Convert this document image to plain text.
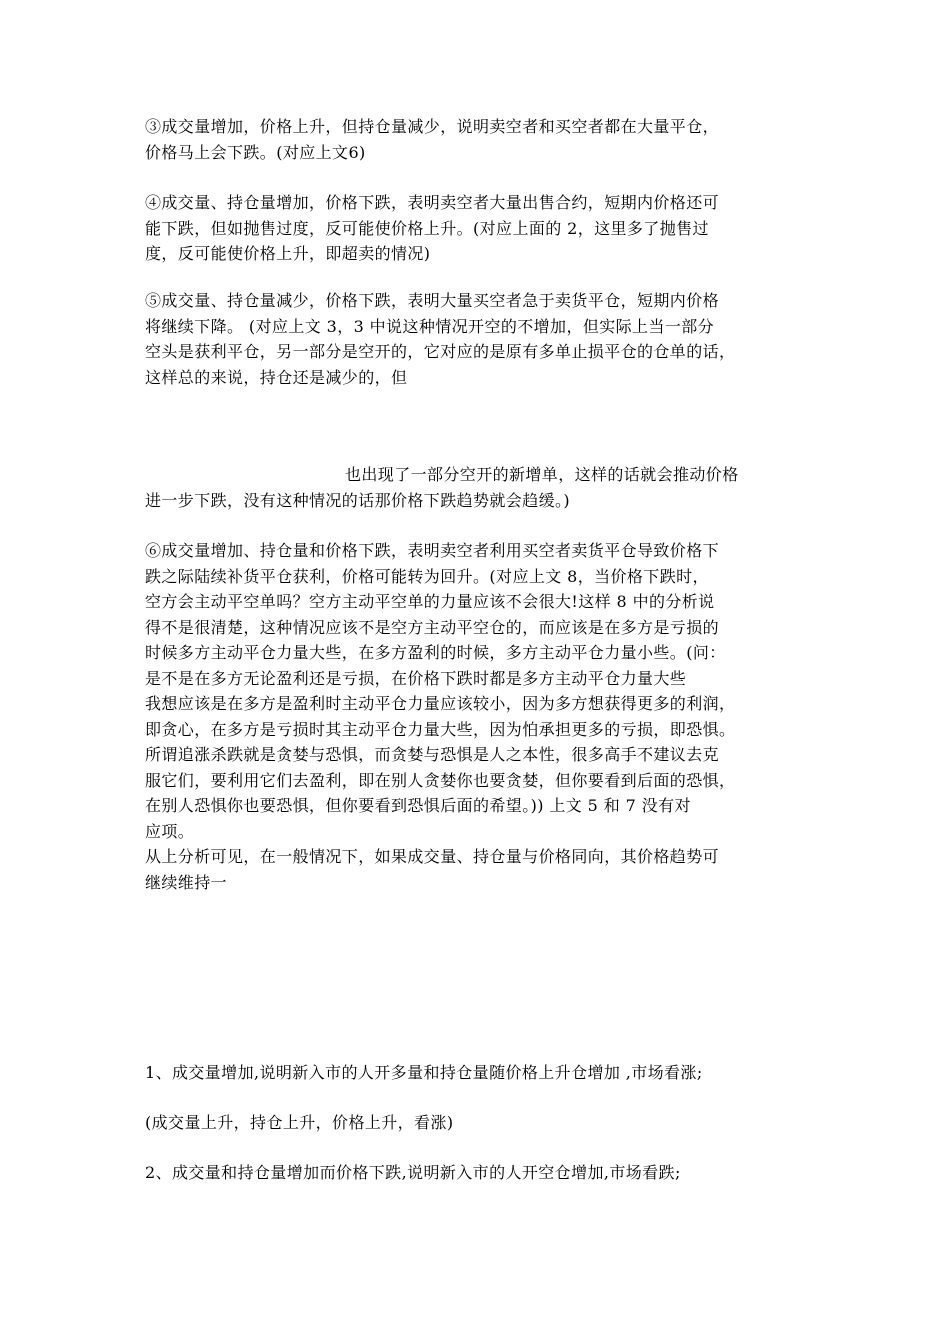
③成交量增加，价格上升，但持仓量减少，说明卖空者和买空者都在大量平仓，
价格马上会下跌。(对应上文6)
④成交量、持仓量增加，价格下跌，表明卖空者大量出售合约，短期内价格还可
能下跌，但如抛售过度，反可能使价格上升。(对应上面的 2，这里多了抛售过
度，反可能使价格上升，即超卖的情况)
⑤成交量、持仓量减少，价格下跌，表明大量买空者急于卖货平仓，短期内价格
将继续下降。 (对应上文 3，3 中说这种情况开空的不增加，但实际上当一部分
空头是获利平仓，另一部分是空开的，它对应的是原有多单止损平仓的仓单的话，
这样总的来说，持仓还是减少的，但
也出现了一部分空开的新增单，这样的话就会推动价格
进一步下跌，没有这种情况的话那价格下跌趋势就会趋缓。)
⑥成交量增加、持仓量和价格下跌，表明卖空者利用买空者卖货平仓导致价格下
跌之际陆续补货平仓获利，价格可能转为回升。(对应上文 8，当价格下跌时，
空方会主动平空单吗？空方主动平空单的力量应该不会很大!这样 8 中的分析说
得不是很清楚，这种情况应该不是空方主动平空仓的，而应该是在多方是亏损的
时候多方主动平仓力量大些，在多方盈利的时候，多方主动平仓力量小些。(问：
是不是在多方无论盈利还是亏损，在价格下跌时都是多方主动平仓力量大些
我想应该是在多方是盈利时主动平仓力量应该较小，因为多方想获得更多的利润，
即贪心，在多方是亏损时其主动平仓力量大些，因为怕承担更多的亏损，即恐惧。
所谓追涨杀跌就是贪婪与恐惧，而贪婪与恐惧是人之本性，很多高手不建议去克
服它们，要利用它们去盈利，即在别人贪婪你也要贪婪，但你要看到后面的恐惧，
在别人恐惧你也要恐惧，但你要看到恐惧后面的希望。)) 上文 5 和 7 没有对
应项。
从上分析可见，在一般情况下，如果成交量、持仓量与价格同向，其价格趋势可
继续维持一
1、成交量增加,说明新入市的人开多量和持仓量随价格上升仓增加 ,市场看涨;
(成交量上升，持仓上升，价格上升，看涨)
2、成交量和持仓量增加而价格下跌,说明新入市的人开空仓增加,市场看跌;
